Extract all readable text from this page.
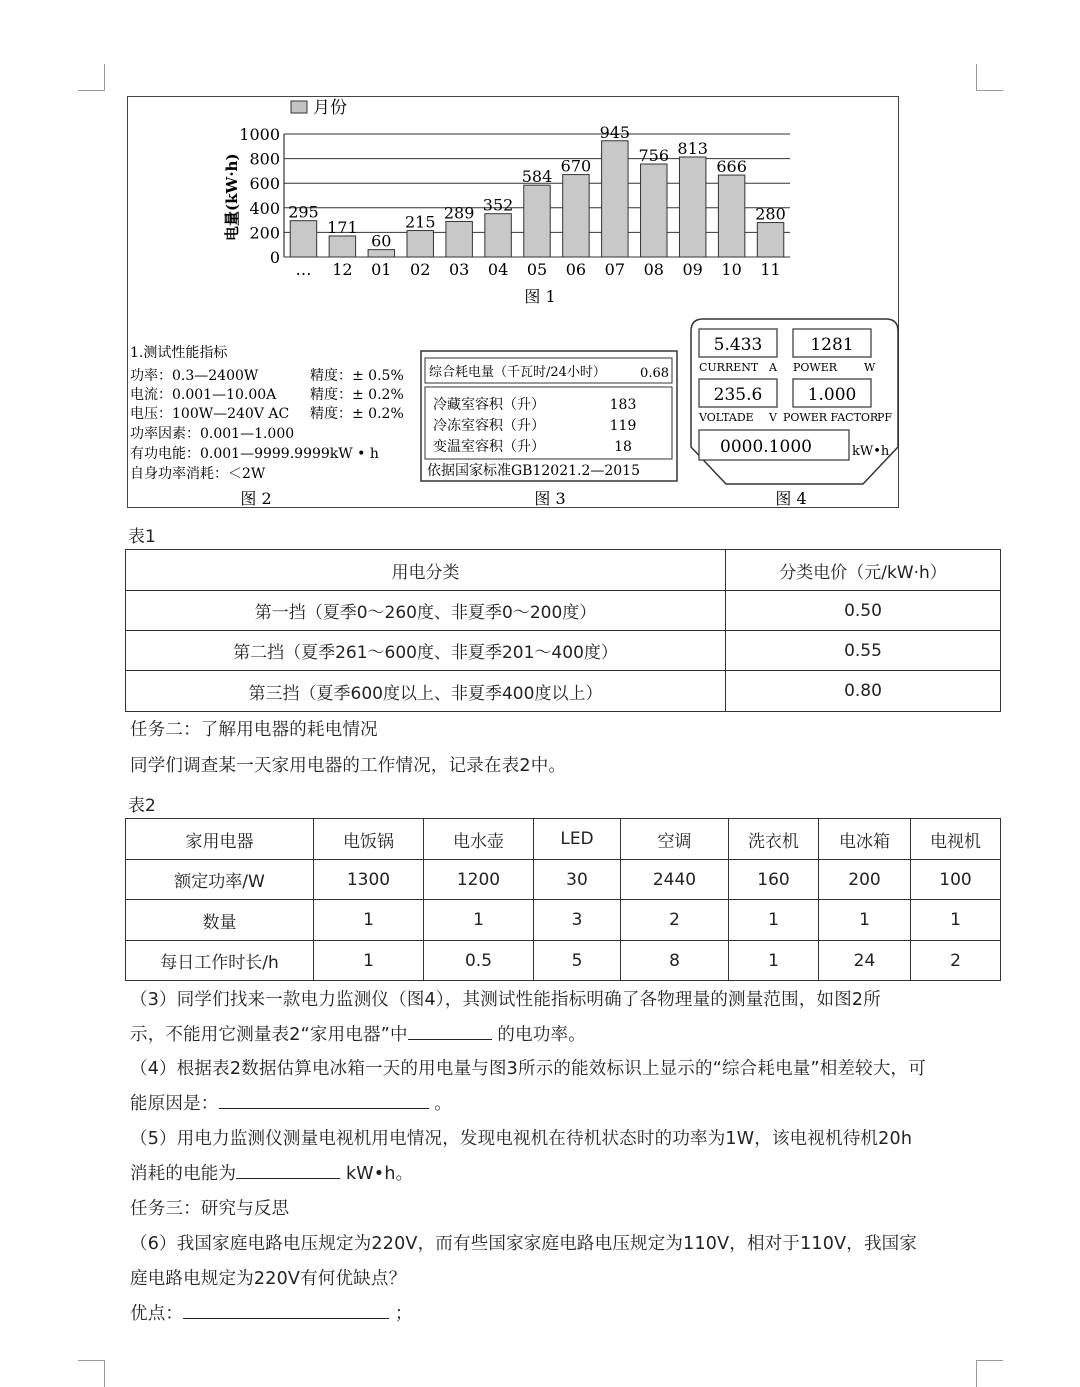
月份
电量(kW·h)
0
200
400
600
800
1000
295
171
60
215 289 352
584
670
945
756 813
666
280
… 12 01 02 03 04 05 06 07 08 09 10 11
图 1
1.测试性能指标
功率：0.3—2400W	精度：± 0.5%
电流：0.001—10.00A 精度：± 0.2%
电压：100W—240V AC 精度：± 0.2%
功率因素：0.001—1.000
有功电能：0.001—9999.9999kW • h
自身功率消耗：＜2W
图 2
综合耗电量（千瓦时/24小时）	0.68
冷藏室容积（升）	183
冷冻室容积（升）	119
变温室容积（升）	18
依据国家标准GB12021.2—2015
图 3
5.433	1281
CURRENT A POWER W
235.6	1.000
VOLTADE V POWER FACTOR
PF
0000.1000	kW•h
图 4
表1
用电分类	分类电价（元/kW·h）
第一挡（夏季0～260度、非夏季0～200度）	0.50
第二挡（夏季261～600度、非夏季201～400度）	0.55
第三挡（夏季600度以上、非夏季400度以上）	0.80
任务二：了解用电器的耗电情况
同学们调查某一天家用电器的工作情况，记录在表2中。
表2
家用电器	电饭锅	电水壶	LED	空调	洗衣机	电冰箱	电视机
额定功率/W	1300	1200	30	2440	160	200	100
数量	1	1	3	2	1	1	1
每日工作时长/h	1	0.5	5	8	1	24	2
（3）同学们找来一款电力监测仪（图4），其测试性能指标明确了各物理量的测量范围，如图2所
示，不能用它测量表2“家用电器”中	的电功率。
（4）根据表2数据估算电冰箱一天的用电量与图3所示的能效标识上显示的“综合耗电量”相差较大，可
能原因是：	。
（5）用电力监测仪测量电视机用电情况，发现电视机在待机状态时的功率为1W，该电视机待机20h
消耗的电能为	kW•h。
任务三：研究与反思
（6）我国家庭电路电压规定为220V，而有些国家家庭电路电压规定为110V，相对于110V，我国家
庭电路电规定为220V有何优缺点？
优点：	；
